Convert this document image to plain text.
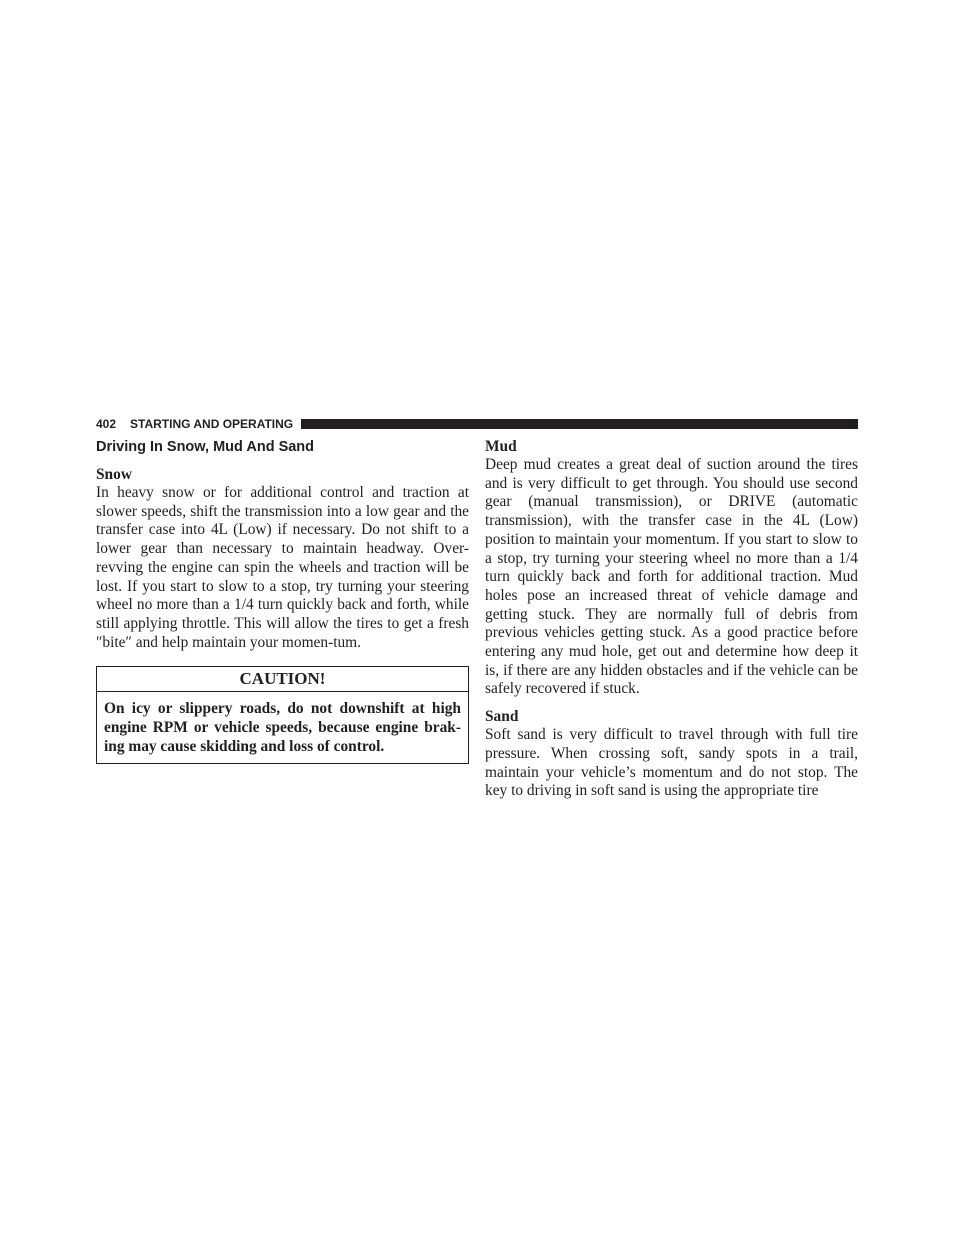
402 STARTING AND OPERATING
Driving In Snow, Mud And Sand
Snow

In heavy snow or for additional control and traction at slower speeds, shift the transmission into a low gear and the transfer case into 4L (Low) if necessary. Do not shift to a lower gear than necessary to maintain headway. Over-revving the engine can spin the wheels and traction will be lost. If you start to slow to a stop, try turning your steering wheel no more than a 1/4 turn quickly back and forth, while still applying throttle. This will allow the tires to get a fresh ″bite″ and help maintain your momen-tum.

CAUTION!
On icy or slippery roads, do not downshift at high engine RPM or vehicle speeds, because engine brak-ing may cause skidding and loss of control.
Mud

Deep mud creates a great deal of suction around the tires and is very difficult to get through. You should use second gear (manual transmission), or DRIVE (automatic transmission), with the transfer case in the 4L (Low) position to maintain your momentum. If you start to slow to a stop, try turning your steering wheel no more than a 1/4 turn quickly back and forth for additional traction. Mud holes pose an increased threat of vehicle damage and getting stuck. They are normally full of debris from previous vehicles getting stuck. As a good practice before entering any mud hole, get out and determine how deep it is, if there are any hidden obstacles and if the vehicle can be safely recovered if stuck.

Sand

Soft sand is very difficult to travel through with full tire pressure. When crossing soft, sandy spots in a trail, maintain your vehicle’s momentum and do not stop. The key to driving in soft sand is using the appropriate tire
